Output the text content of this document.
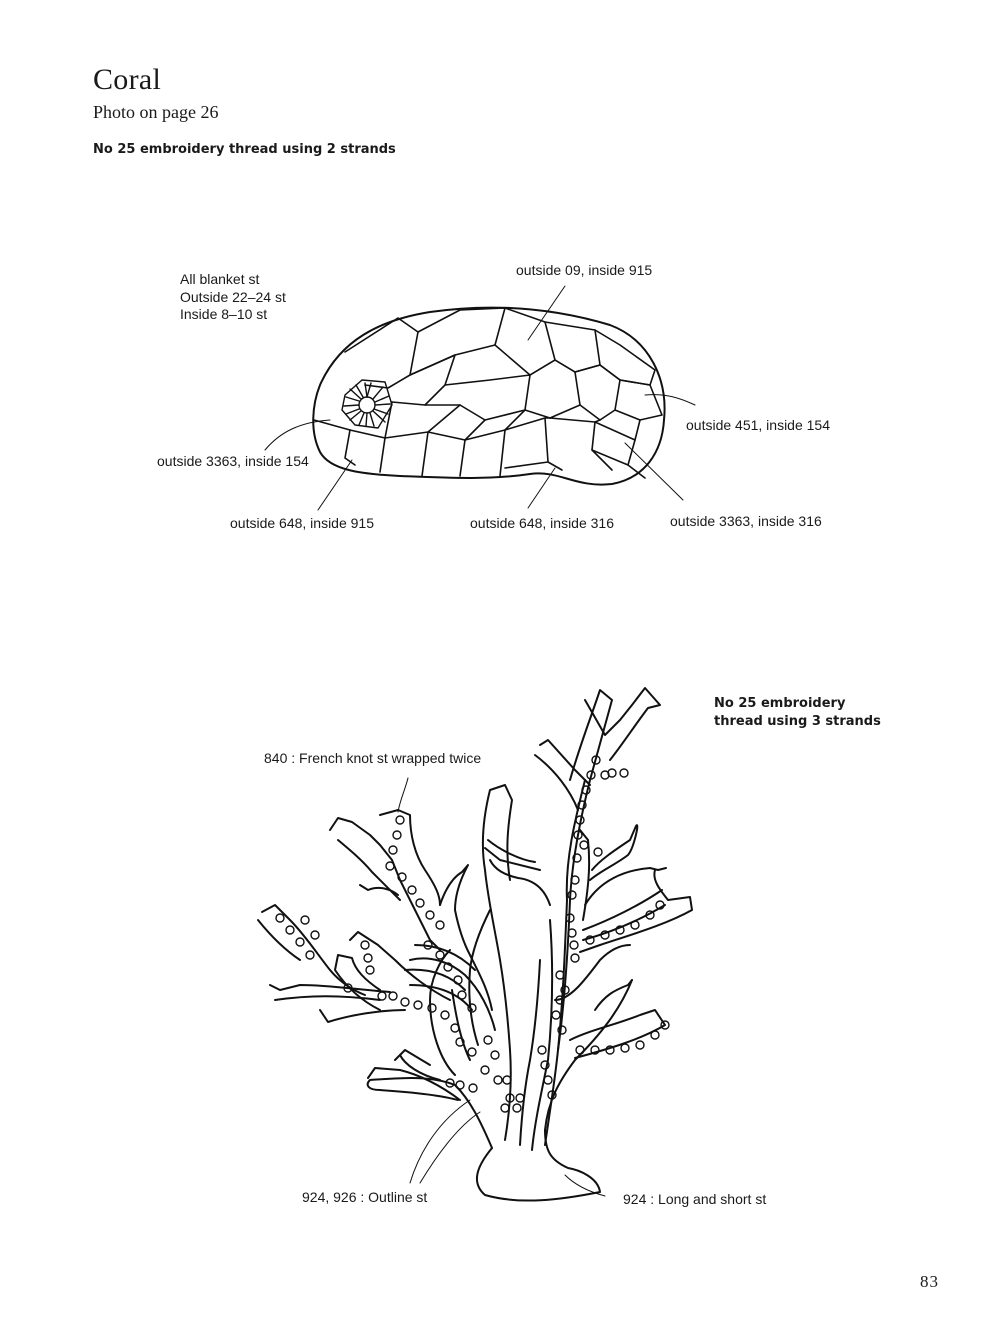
Coral
Photo on page 26
No 25 embroidery thread using 2 strands
All blanket st
Outside 22–24 st
Inside 8–10 st
outside 09, inside 915
outside 451, inside 154
outside 3363, inside 154
outside 648, inside 915	outside 648, inside 316	outside 3363, inside 316
No 25 embroidery
thread using 3 strands
840 : French knot st wrapped twice
924, 926 : Outline st	924 : Long and short st
83
